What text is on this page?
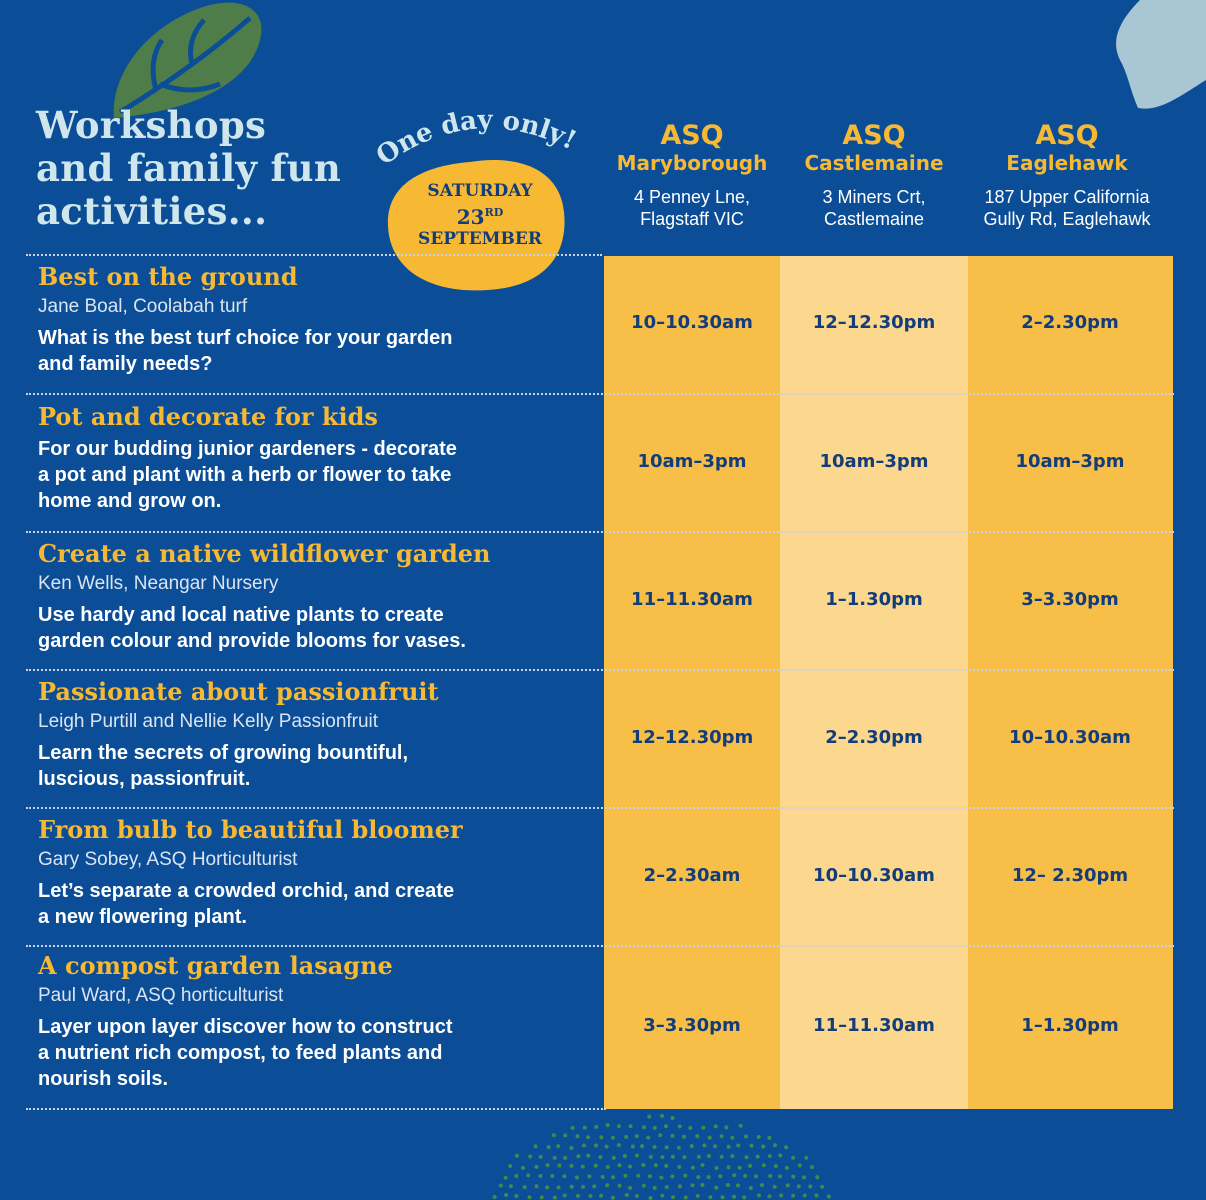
Workshops
and family fun
activities...
One day only!
SATURDAY
23RD
SEPTEMBER
ASQ
Maryborough
4 Penney Lne,
Flagstaff VIC
ASQ
Castlemaine
3 Miners Crt,
Castlemaine
ASQ
Eaglehawk
187 Upper California
Gully Rd, Eaglehawk
Best on the ground
Jane Boal, Coolabah turf
What is the best turf choice for your garden
and family needs?
10–10.30am	12–12.30pm	2–2.30pm
Pot and decorate for kids
For our budding junior gardeners - decorate
a pot and plant with a herb or flower to take
home and grow on.
10am–3pm	10am–3pm	10am–3pm
Create a native wildflower garden
Ken Wells, Neangar Nursery
Use hardy and local native plants to create
garden colour and provide blooms for vases.
11–11.30am	1–1.30pm	3–3.30pm
Passionate about passionfruit
Leigh Purtill and Nellie Kelly Passionfruit
Learn the secrets of growing bountiful,
luscious, passionfruit.
12–12.30pm	2–2.30pm	10–10.30am
From bulb to beautiful bloomer
Gary Sobey, ASQ Horticulturist
Let’s separate a crowded orchid, and create
a new flowering plant.
2–2.30am	10–10.30am	12– 2.30pm
A compost garden lasagne
Paul Ward, ASQ horticulturist
Layer upon layer discover how to construct
a nutrient rich compost, to feed plants and
nourish soils.
3–3.30pm	11–11.30am	1–1.30pm
